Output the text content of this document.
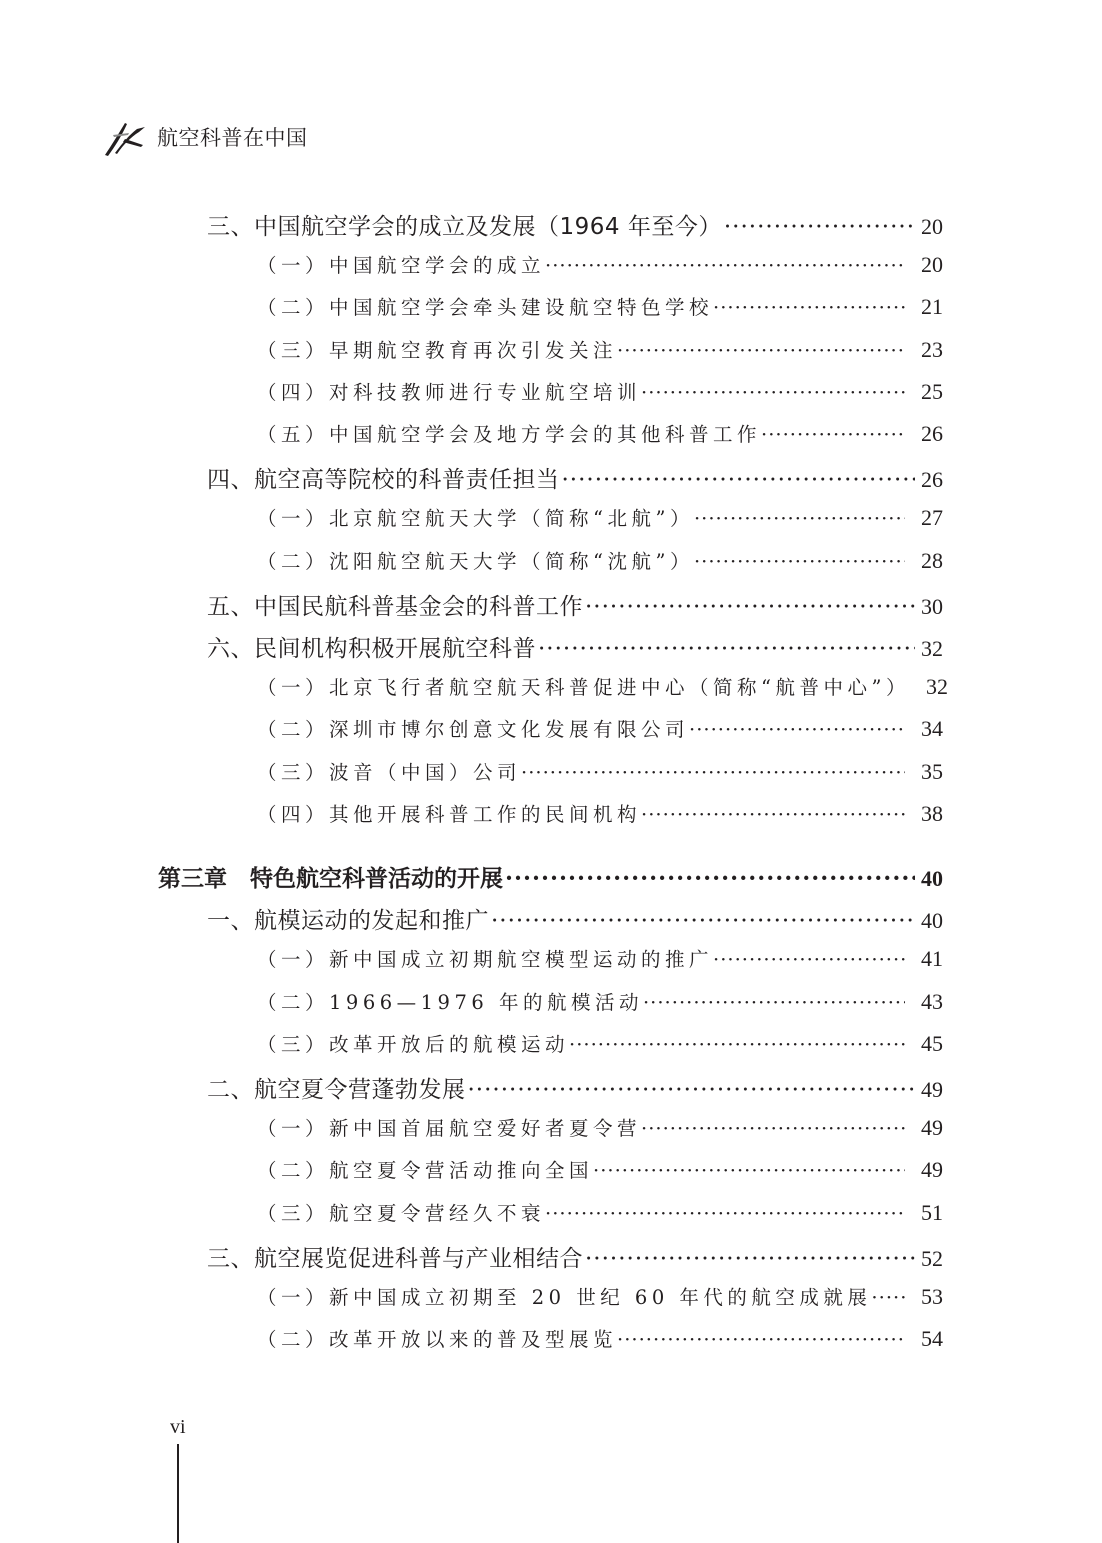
航空科普在中国
三、中国航空学会的成立及发展（1964 年至今） ·····	20
（一）中国航空学会的成立 ·····	20
（二）中国航空学会牵头建设航空特色学校 ·····	21
（三）早期航空教育再次引发关注 ·····	23
（四）对科技教师进行专业航空培训 ·····	25
（五）中国航空学会及地方学会的其他科普工作 ·····	26
四、航空高等院校的科普责任担当 ·····	26
（一）北京航空航天大学（简称“北航”） ·····	27
（二）沈阳航空航天大学（简称“沈航”） ·····	28
五、中国民航科普基金会的科普工作 ·····	30
六、民间机构积极开展航空科普 ·····	32
（一）北京飞行者航空航天科普促进中心（简称“航普中心”） 32
（二）深圳市博尔创意文化发展有限公司 ·····	34
（三）波音（中国）公司 ·····	35
（四）其他开展科普工作的民间机构 ·····	38
第三章　特色航空科普活动的开展 ·····	40
一、航模运动的发起和推广 ·····	40
（一）新中国成立初期航空模型运动的推广 ·····	41
（二）1966—1976 年的航模活动 ·····	43
（三）改革开放后的航模运动 ·····	45
二、航空夏令营蓬勃发展 ·····	49
（一）新中国首届航空爱好者夏令营 ·····	49
（二）航空夏令营活动推向全国 ·····	49
（三）航空夏令营经久不衰 ·····	51
三、航空展览促进科普与产业相结合 ·····	52
（一）新中国成立初期至 20 世纪 60 年代的航空成就展 ····· 53
（二）改革开放以来的普及型展览 ·····	54
vi
